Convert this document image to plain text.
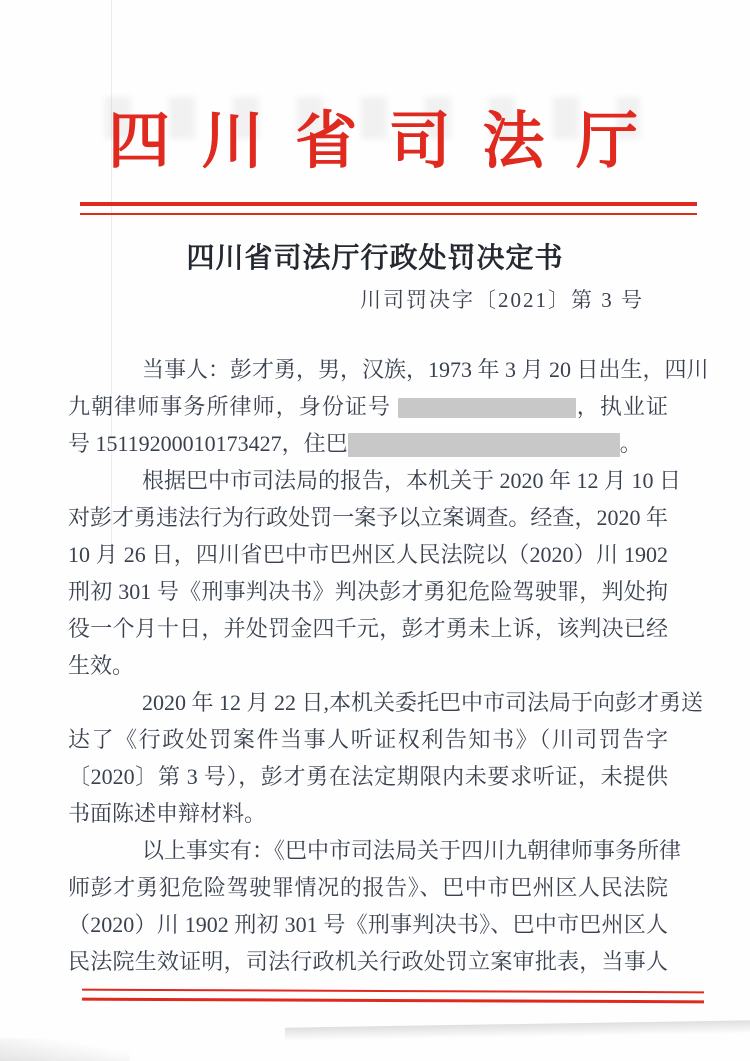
四 川 省 司 法 厅
四川省司法厅行政处罚决定书
川司罚决字〔2021〕第 3 号
当事人：彭才勇，男，汉族，1973 年 3 月 20 日出生，四川
九朝律师事务所律师，身份证号	，执业证
号 15119200010173427，住巴	。
根据巴中市司法局的报告，本机关于 2020 年 12 月 10 日
对彭才勇违法行为行政处罚一案予以立案调查。经查，2020 年
10 月 26 日，四川省巴中市巴州区人民法院以（2020）川 1902
刑初 301 号《刑事判决书》判决彭才勇犯危险驾驶罪，判处拘
役一个月十日，并处罚金四千元，彭才勇未上诉，该判决已经
生效。
2020 年 12 月 22 日,本机关委托巴中市司法局于向彭才勇送
达了《行政处罚案件当事人听证权利告知书》（川司罚告字
〔2020〕第 3 号），彭才勇在法定期限内未要求听证，未提供
书面陈述申辩材料。
以上事实有：《巴中市司法局关于四川九朝律师事务所律
师彭才勇犯危险驾驶罪情况的报告》、巴中市巴州区人民法院
（2020）川 1902 刑初 301 号《刑事判决书》、巴中市巴州区人
民法院生效证明，司法行政机关行政处罚立案审批表，当事人
